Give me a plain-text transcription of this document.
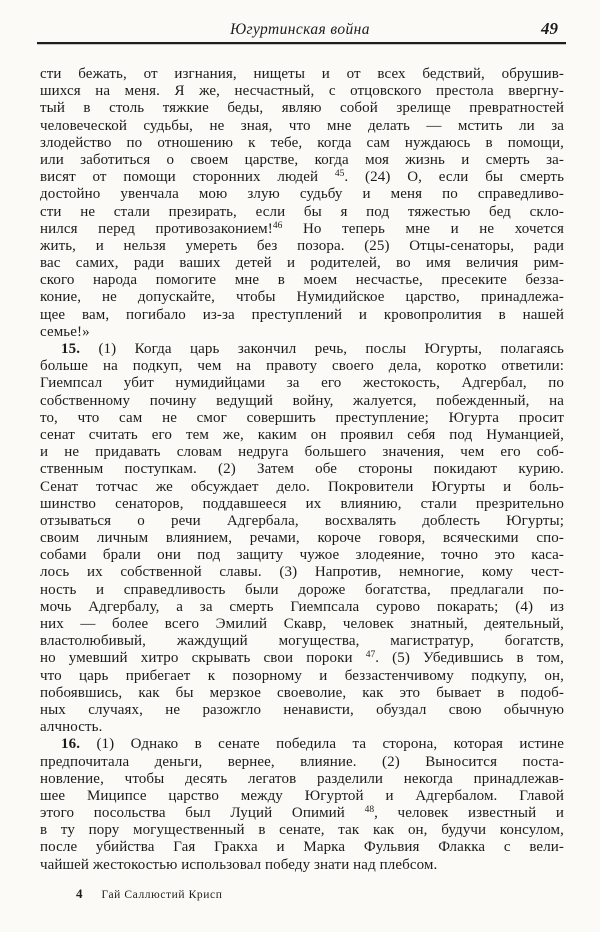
Югуртинская война	49
сти бежать, от изгнания, нищеты и от всех бедствий, обрушив-
шихся на меня. Я же, несчастный, с отцовского престола ввергну-
тый в столь тяжкие беды, являю собой зрелище превратностей
человеческой судьбы, не зная, что мне делать — мстить ли за
злодейство по отношению к тебе, когда сам нуждаюсь в помощи,
или заботиться о своем царстве, когда моя жизнь и смерть за-
висят от помощи сторонних людей $^{45}$. (24) О, если бы смерть
достойно увенчала мою злую судьбу и меня по справедливо-
сти не стали презирать, если бы я под тяжестью бед скло-
нился перед противозаконием!$^{46}$ Но теперь мне и не хочется
жить, и нельзя умереть без позора. (25) Отцы-сенаторы, ради
вас самих, ради ваших детей и родителей, во имя величия рим-
ского народа помогите мне в моем несчастье, пресеките безза-
коние, не допускайте, чтобы Нумидийское царство, принадлежа-
щее вам, погибало из-за преступлений и кровопролития в нашей
семье!»
15. (1) Когда царь закончил речь, послы Югурты, полагаясь
больше на подкуп, чем на правоту своего дела, коротко ответили:
Гиемпсал убит нумидийцами за его жестокость, Адгербал, по
собственному почину ведущий войну, жалуется, побежденный, на
то, что сам не смог совершить преступление; Югурта просит
сенат считать его тем же, каким он проявил себя под Нуманцией,
и не придавать словам недруга большего значения, чем его соб-
ственным поступкам. (2) Затем обе стороны покидают курию.
Сенат тотчас же обсуждает дело. Покровители Югурты и боль-
шинство сенаторов, поддавшееся их влиянию, стали презрительно
отзываться о речи Адгербала, восхвалять доблесть Югурты;
своим личным влиянием, речами, короче говоря, всяческими спо-
собами брали они под защиту чужое злодеяние, точно это каса-
лось их собственной славы. (3) Напротив, немногие, кому чест-
ность и справедливость были дороже богатства, предлагали по-
мочь Адгербалу, а за смерть Гиемпсала сурово покарать; (4) из
них — более всего Эмилий Скавр, человек знатный, деятельный,
властолюбивый, жаждущий могущества, магистратур, богатств,
но умевший хитро скрывать свои пороки $^{47}$. (5) Убедившись в том,
что царь прибегает к позорному и беззастенчивому подкупу, он,
побоявшись, как бы мерзкое своеволие, как это бывает в подоб-
ных случаях, не разожгло ненависти, обуздал свою обычную
алчность.
16. (1) Однако в сенате победила та сторона, которая истине
предпочитала деньги, вернее, влияние. (2) Выносится поста-
новление, чтобы десять легатов разделили некогда принадлежав-
шее Миципсе царство между Югуртой и Адгербалом. Главой
этого посольства был Луций Опимий $^{48}$, человек известный и
в ту пору могущественный в сенате, так как он, будучи консулом,
после убийства Гая Гракха и Марка Фульвия Флакка с вели-
чайшей жестокостью использовал победу знати над плебсом.
4 Гай Саллюстий Крисп
